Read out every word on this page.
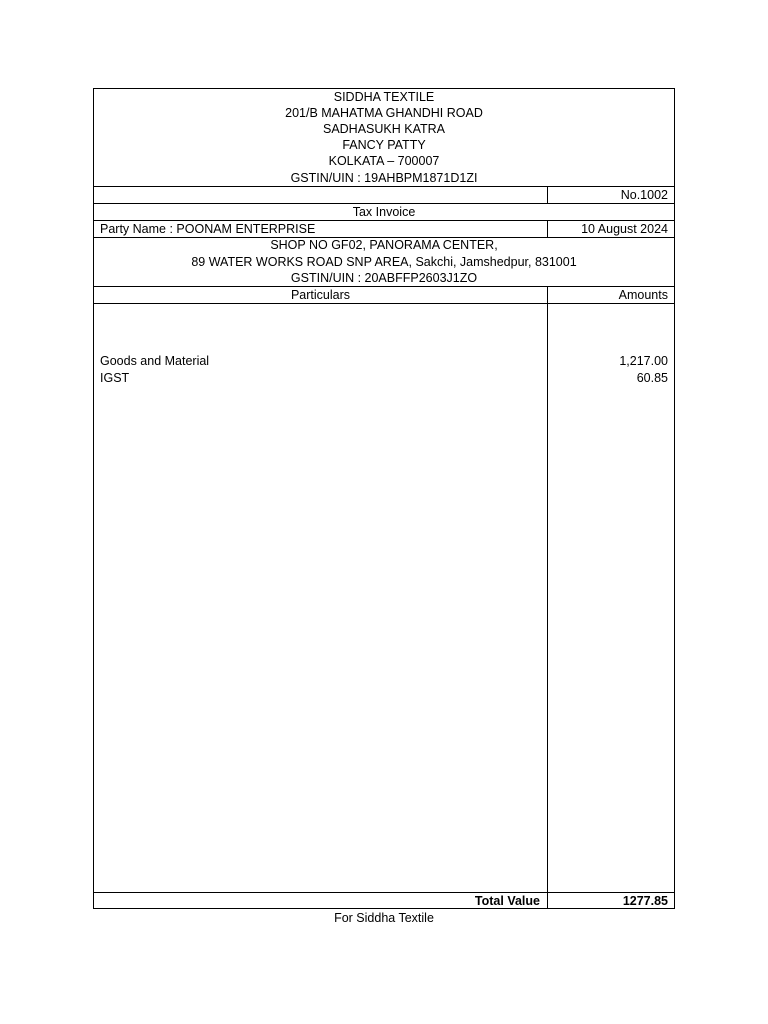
SIDDHA TEXTILE
201/B MAHATMA GHANDHI ROAD
SADHASUKH KATRA
FANCY PATTY
KOLKATA – 700007
GSTIN/UIN : 19AHBPM1871D1ZI
No.1002
Tax Invoice
Party Name : POONAM ENTERPRISE	10 August 2024
SHOP NO GF02, PANORAMA CENTER,
89 WATER WORKS ROAD SNP AREA, Sakchi, Jamshedpur, 831001
GSTIN/UIN : 20ABFFP2603J1ZO
Particulars	Amounts
Goods and Material	1,217.00
IGST	60.85
Total Value	1277.85
For Siddha Textile
